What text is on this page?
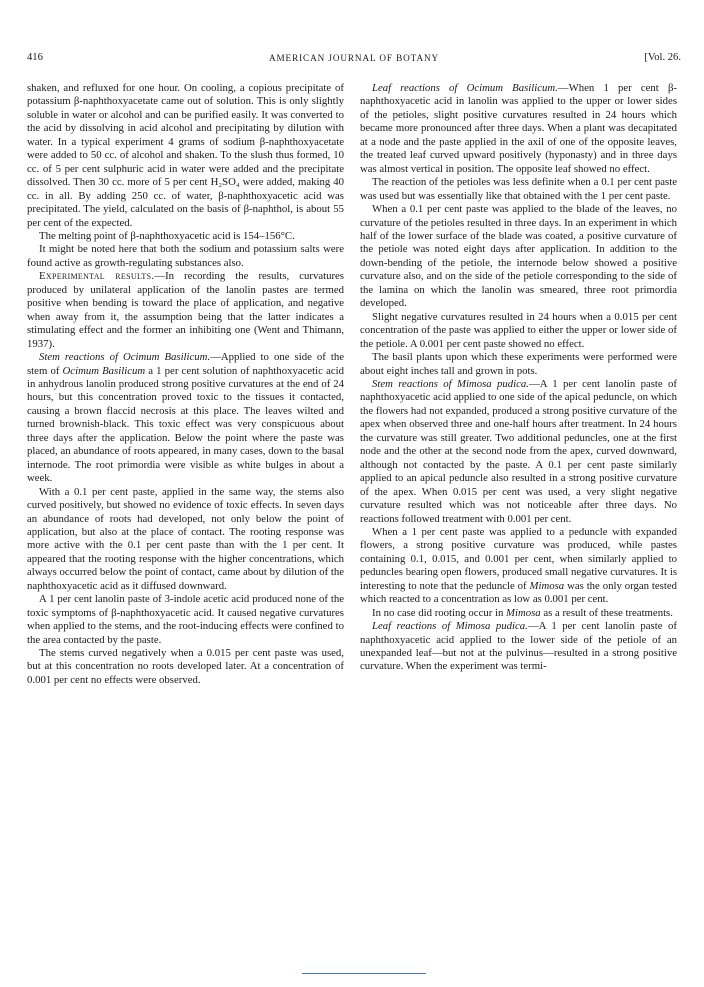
416	AMERICAN JOURNAL OF BOTANY	[Vol. 26.

shaken, and refluxed for one hour. On cooling, a copious precipitate of potassium β-naphthoxyacetate came out of solution. This is only slightly soluble in water or alcohol and can be purified easily. It was converted to the acid by dissolving in acid alcohol and precipitating by dilution with water. In a typical experiment 4 grams of sodium β-naphthoxyacetate were added to 50 cc. of alcohol and shaken. To the slush thus formed, 10 cc. of 5 per cent sulphuric acid in water were added and the precipitate dissolved. Then 30 cc. more of 5 per cent H₂SO₄ were added, making 40 cc. in all. By adding 250 cc. of water, β-naphthoxyacetic acid was precipitated. The yield, calculated on the basis of β-naphthol, is about 55 per cent of the expected.

The melting point of β-naphthoxyacetic acid is 154–156°C.

It might be noted here that both the sodium and potassium salts were found active as growth-regulating substances also.

Experimental results.—In recording the results, curvatures produced by unilateral application of the lanolin pastes are termed positive when bending is toward the place of application, and negative when away from it, the assumption being that the latter indicates a stimulating effect and the former an inhibiting one (Went and Thimann, 1937).

Stem reactions of Ocimum Basilicum.—Applied to one side of the stem of Ocimum Basilicum a 1 per cent solution of naphthoxyacetic acid in anhydrous lanolin produced strong positive curvatures at the end of 24 hours, but this concentration proved toxic to the tissues it contacted, causing a brown flaccid necrosis at this place. The leaves wilted and turned brownish-black. This toxic effect was very conspicuous about three days after the application. Below the point where the paste was placed, an abundance of roots appeared, in many cases, down to the basal internode. The root primordia were visible as white bulges in about a week.

With a 0.1 per cent paste, applied in the same way, the stems also curved positively, but showed no evidence of toxic effects. In seven days an abundance of roots had developed, not only below the point of application, but also at the place of contact. The rooting response was more active with the 0.1 per cent paste than with the 1 per cent. It appeared that the rooting response with the higher concentrations, which always occurred below the point of contact, came about by dilution of the naphthoxyacetic acid as it diffused downward.

A 1 per cent lanolin paste of 3-indole acetic acid produced none of the toxic symptoms of β-naphthoxyacetic acid. It caused negative curvatures when applied to the stems, and the root-inducing effects were confined to the area contacted by the paste.

The stems curved negatively when a 0.015 per cent paste was used, but at this concentration no roots developed later. At a concentration of 0.001 per cent no effects were observed.

Leaf reactions of Ocimum Basilicum.—When 1 per cent β-naphthoxyacetic acid in lanolin was applied to the upper or lower sides of the petioles, slight positive curvatures resulted in 24 hours which became more pronounced after three days. When a plant was decapitated at a node and the paste applied in the axil of one of the opposite leaves, the treated leaf curved upward positively (hyponasty) and in three days was almost vertical in position. The opposite leaf showed no effect.

The reaction of the petioles was less definite when a 0.1 per cent paste was used but was essentially like that obtained with the 1 per cent paste.

When a 0.1 per cent paste was applied to the blade of the leaves, no curvature of the petioles resulted in three days. In an experiment in which half of the lower surface of the blade was coated, a positive curvature of the petiole was noted eight days after application. In addition to the down-bending of the petiole, the internode below showed a positive curvature also, and on the side of the petiole corresponding to the side of the lamina on which the lanolin was smeared, three root primordia developed.

Slight negative curvatures resulted in 24 hours when a 0.015 per cent concentration of the paste was applied to either the upper or lower side of the petiole. A 0.001 per cent paste showed no effect.

The basil plants upon which these experiments were performed were about eight inches tall and grown in pots.

Stem reactions of Mimosa pudica.—A 1 per cent lanolin paste of naphthoxyacetic acid applied to one side of the apical peduncle, on which the flowers had not expanded, produced a strong positive curvature of the apex when observed three and one-half hours after treatment. In 24 hours the curvature was still greater. Two additional peduncles, one at the first node and the other at the second node from the apex, curved downward, although not contacted by the paste. A 0.1 per cent paste similarly applied to an apical peduncle also resulted in a strong positive curvature of the apex. When 0.015 per cent was used, a very slight negative curvature resulted which was not noticeable after three days. No reactions followed treatment with 0.001 per cent.

When a 1 per cent paste was applied to a peduncle with expanded flowers, a strong positive curvature was produced, while pastes containing 0.1, 0.015, and 0.001 per cent, when similarly applied to peduncles bearing open flowers, produced small negative curvatures. It is interesting to note that the peduncle of Mimosa was the only organ tested which reacted to a concentration as low as 0.001 per cent.

In no case did rooting occur in Mimosa as a result of these treatments.

Leaf reactions of Mimosa pudica.—A 1 per cent lanolin paste of naphthoxyacetic acid applied to the lower side of the petiole of an unexpanded leaf—but not at the pulvinus—resulted in a strong positive curvature. When the experiment was termi-
